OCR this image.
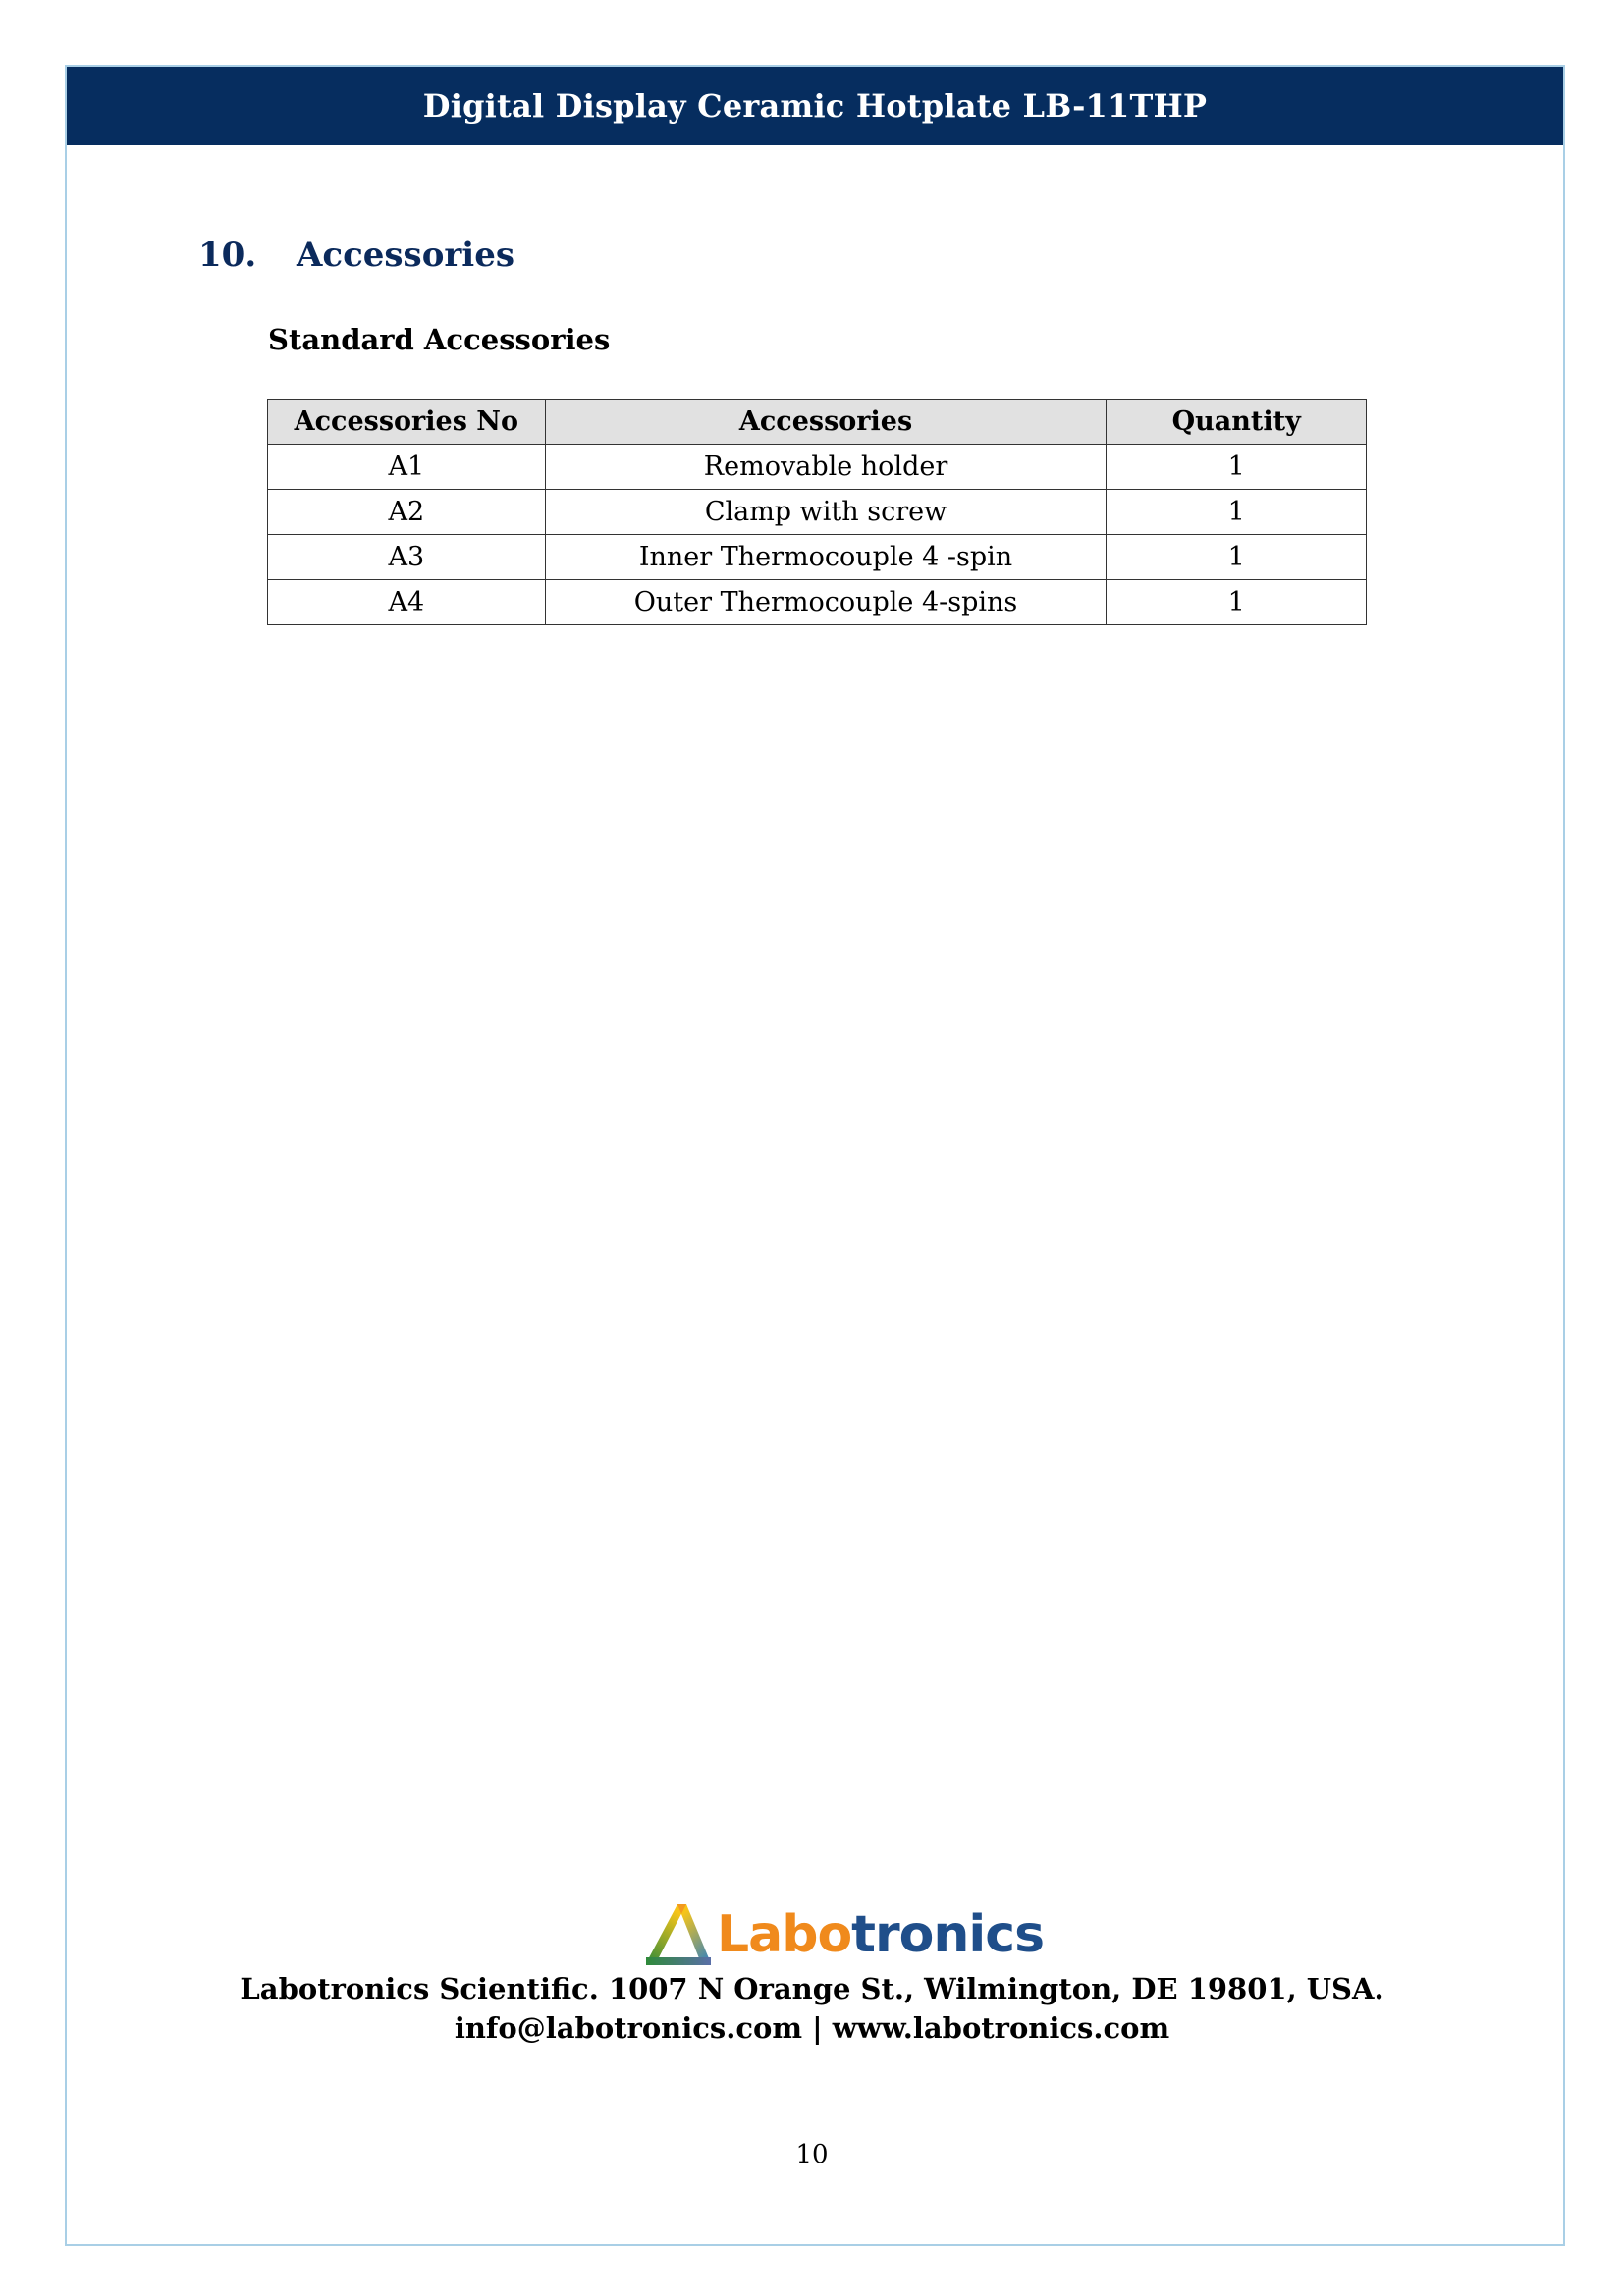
Digital Display Ceramic Hotplate LB-11THP
10.	Accessories
Standard Accessories
Accessories No	Accessories	Quantity
A1	Removable holder	1
A2	Clamp with screw	1
A3	Inner Thermocouple 4 -spin	1
A4	Outer Thermocouple 4-spins	1
Labotronics
Labotronics Scientific. 1007 N Orange St., Wilmington, DE 19801, USA.
info@labotronics.com | www.labotronics.com
10
